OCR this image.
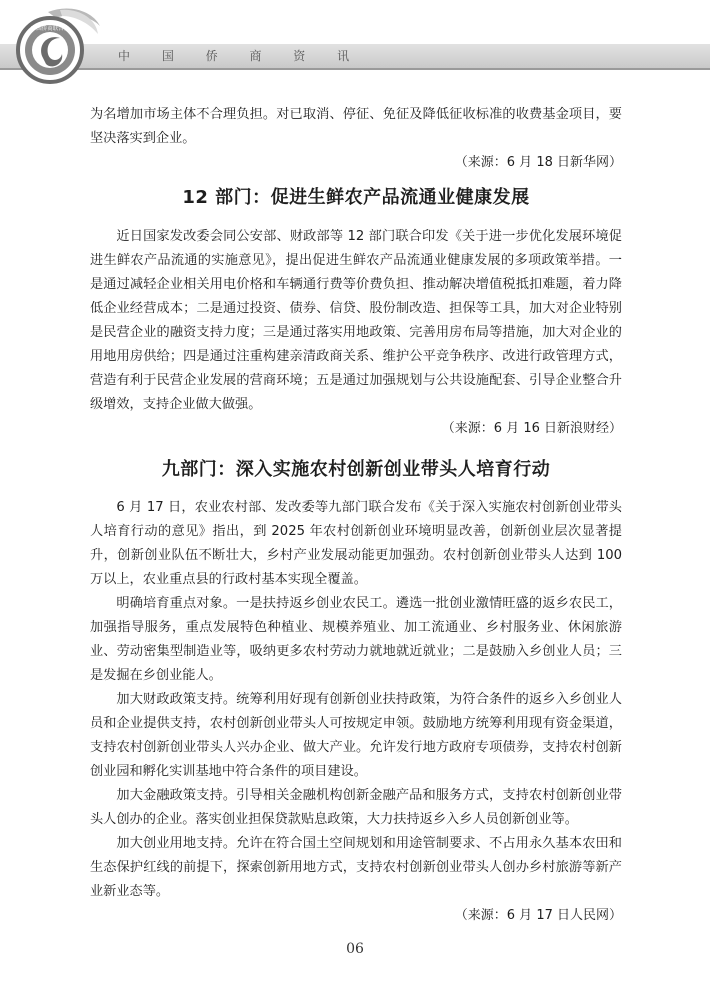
中 国 侨 商 资 讯
中国侨商联合会

为名增加市场主体不合理负担。对已取消、停征、免征及降低征收标准的收费基金项目，要坚决落实到企业。

（来源：6 月 18 日新华网）
12 部门：促进生鲜农产品流通业健康发展

近日国家发改委会同公安部、财政部等 12 部门联合印发《关于进一步优化发展环境促进生鲜农产品流通的实施意见》，提出促进生鲜农产品流通业健康发展的多项政策举措。一是通过减轻企业相关用电价格和车辆通行费等价费负担、推动解决增值税抵扣难题，着力降低企业经营成本；二是通过投资、债券、信贷、股份制改造、担保等工具，加大对企业特别是民营企业的融资支持力度；三是通过落实用地政策、完善用房布局等措施，加大对企业的用地用房供给；四是通过注重构建亲清政商关系、维护公平竞争秩序、改进行政管理方式，营造有利于民营企业发展的营商环境；五是通过加强规划与公共设施配套、引导企业整合升级增效，支持企业做大做强。

（来源：6 月 16 日新浪财经）
九部门：深入实施农村创新创业带头人培育行动

6 月 17 日，农业农村部、发改委等九部门联合发布《关于深入实施农村创新创业带头人培育行动的意见》指出，到 2025 年农村创新创业环境明显改善，创新创业层次显著提升，创新创业队伍不断壮大，乡村产业发展动能更加强劲。农村创新创业带头人达到 100 万以上，农业重点县的行政村基本实现全覆盖。

明确培育重点对象。一是扶持返乡创业农民工。遴选一批创业激情旺盛的返乡农民工，加强指导服务，重点发展特色种植业、规模养殖业、加工流通业、乡村服务业、休闲旅游业、劳动密集型制造业等，吸纳更多农村劳动力就地就近就业；二是鼓励入乡创业人员；三是发掘在乡创业能人。

加大财政政策支持。统筹利用好现有创新创业扶持政策，为符合条件的返乡入乡创业人员和企业提供支持，农村创新创业带头人可按规定申领。鼓励地方统筹利用现有资金渠道，支持农村创新创业带头人兴办企业、做大产业。允许发行地方政府专项债券，支持农村创新创业园和孵化实训基地中符合条件的项目建设。

加大金融政策支持。引导相关金融机构创新金融产品和服务方式，支持农村创新创业带头人创办的企业。落实创业担保贷款贴息政策，大力扶持返乡入乡人员创新创业等。

加大创业用地支持。允许在符合国土空间规划和用途管制要求、不占用永久基本农田和生态保护红线的前提下，探索创新用地方式，支持农村创新创业带头人创办乡村旅游等新产业新业态等。

（来源：6 月 17 日人民网）
06
